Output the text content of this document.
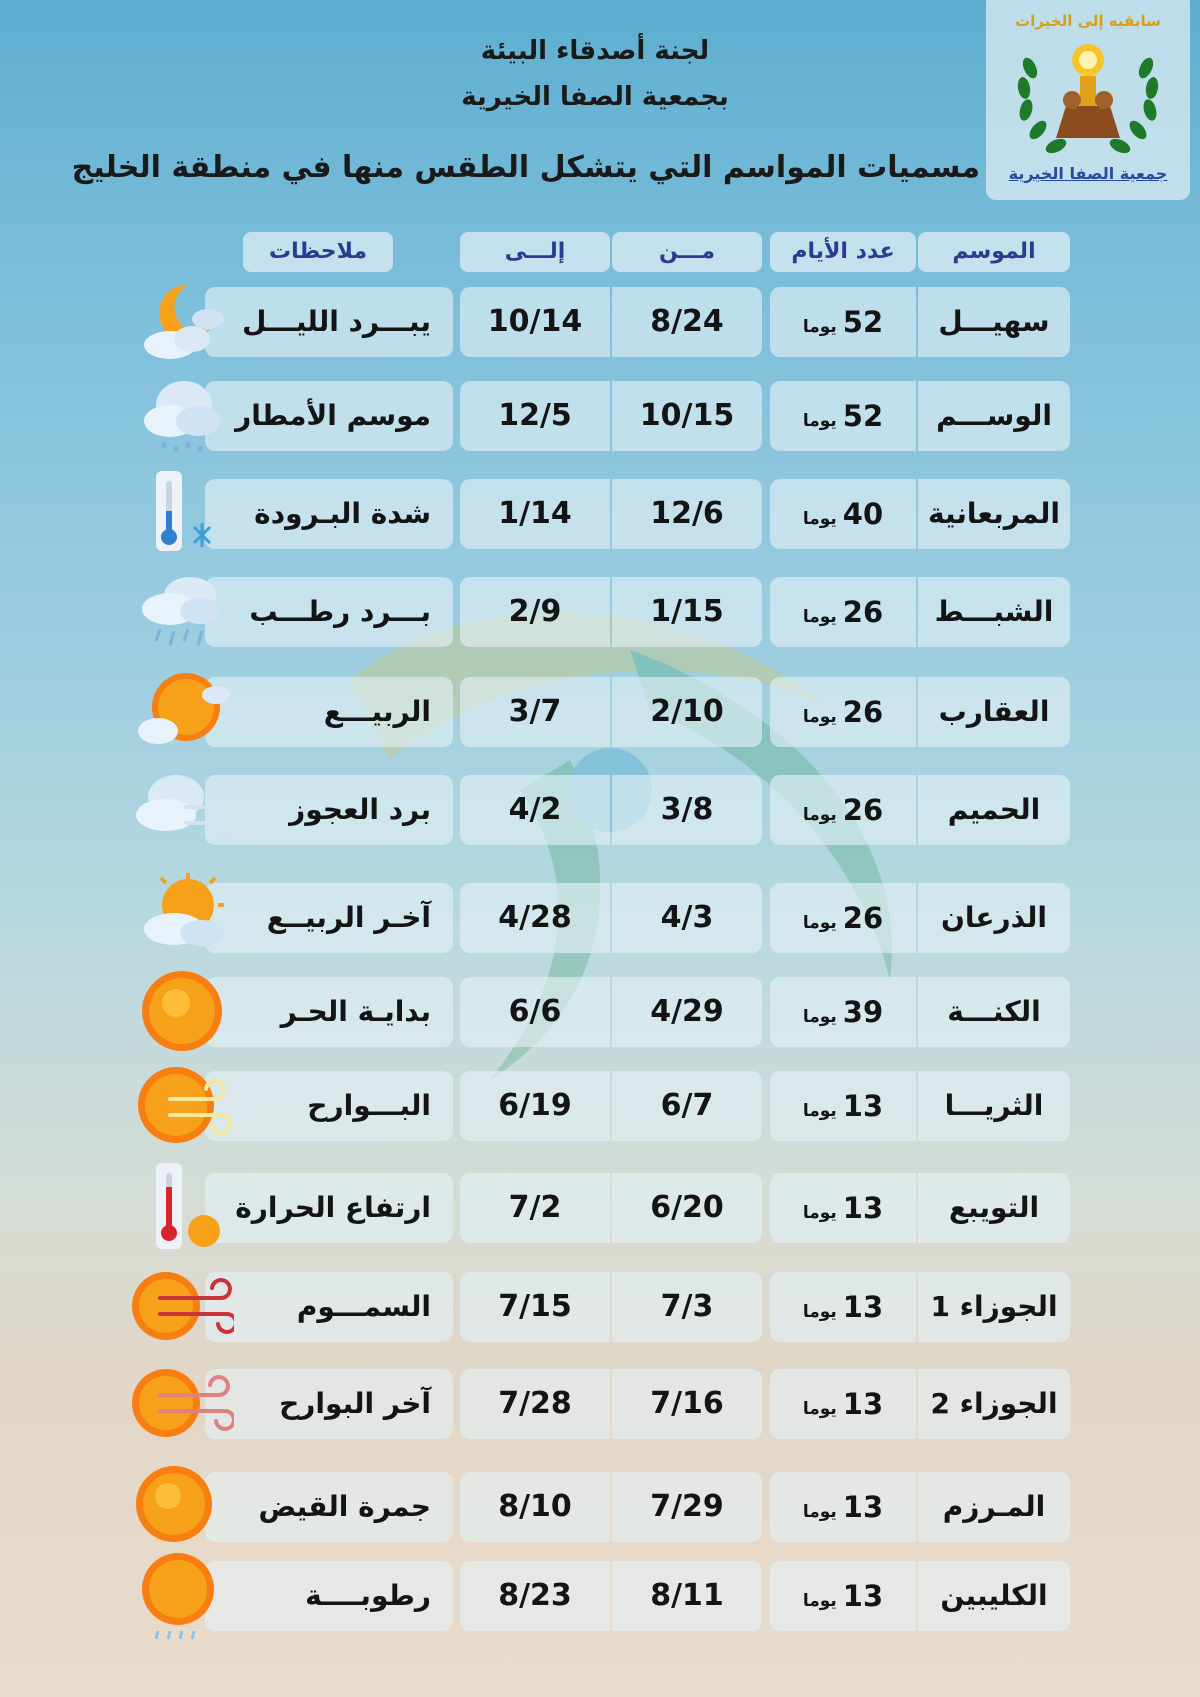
سابقيه إلى الخيرات
جمعية الصفا الخيرية
لجنة أصدقاء البيئة
بجمعية الصفا الخيرية
مسميات المواسم التي يتشكل الطقس منها في منطقة الخليج
الموسم
عدد الأيام
مـــن
إلـــى
ملاحظات
سهيـــل
52يوما
8/24
10/14
يبـــرد الليـــل
الوســـم
52يوما
10/15
12/5
موسم الأمطار
المربعانية
40يوما
12/6
1/14
شدة البـرودة
الشبـــط
26يوما
1/15
2/9
بـــرد رطـــب
العقارب
26يوما
2/10
3/7
الربيـــع
الحميم
26يوما
3/8
4/2
برد العجوز
الذرعان
26يوما
4/3
4/28
آخـر الربيــع
الكنـــة
39يوما
4/29
6/6
بدايـة الحـر
الثريـــا
13يوما
6/7
6/19
البـــوارح
التويبع
13يوما
6/20
7/2
ارتفاع الحرارة
الجوزاء 1
13يوما
7/3
7/15
السمـــوم
الجوزاء 2
13يوما
7/16
7/28
آخر البوارح
المـرزم
13يوما
7/29
8/10
جمرة القيض
الكليبين
13يوما
8/11
8/23
رطوبــــة
